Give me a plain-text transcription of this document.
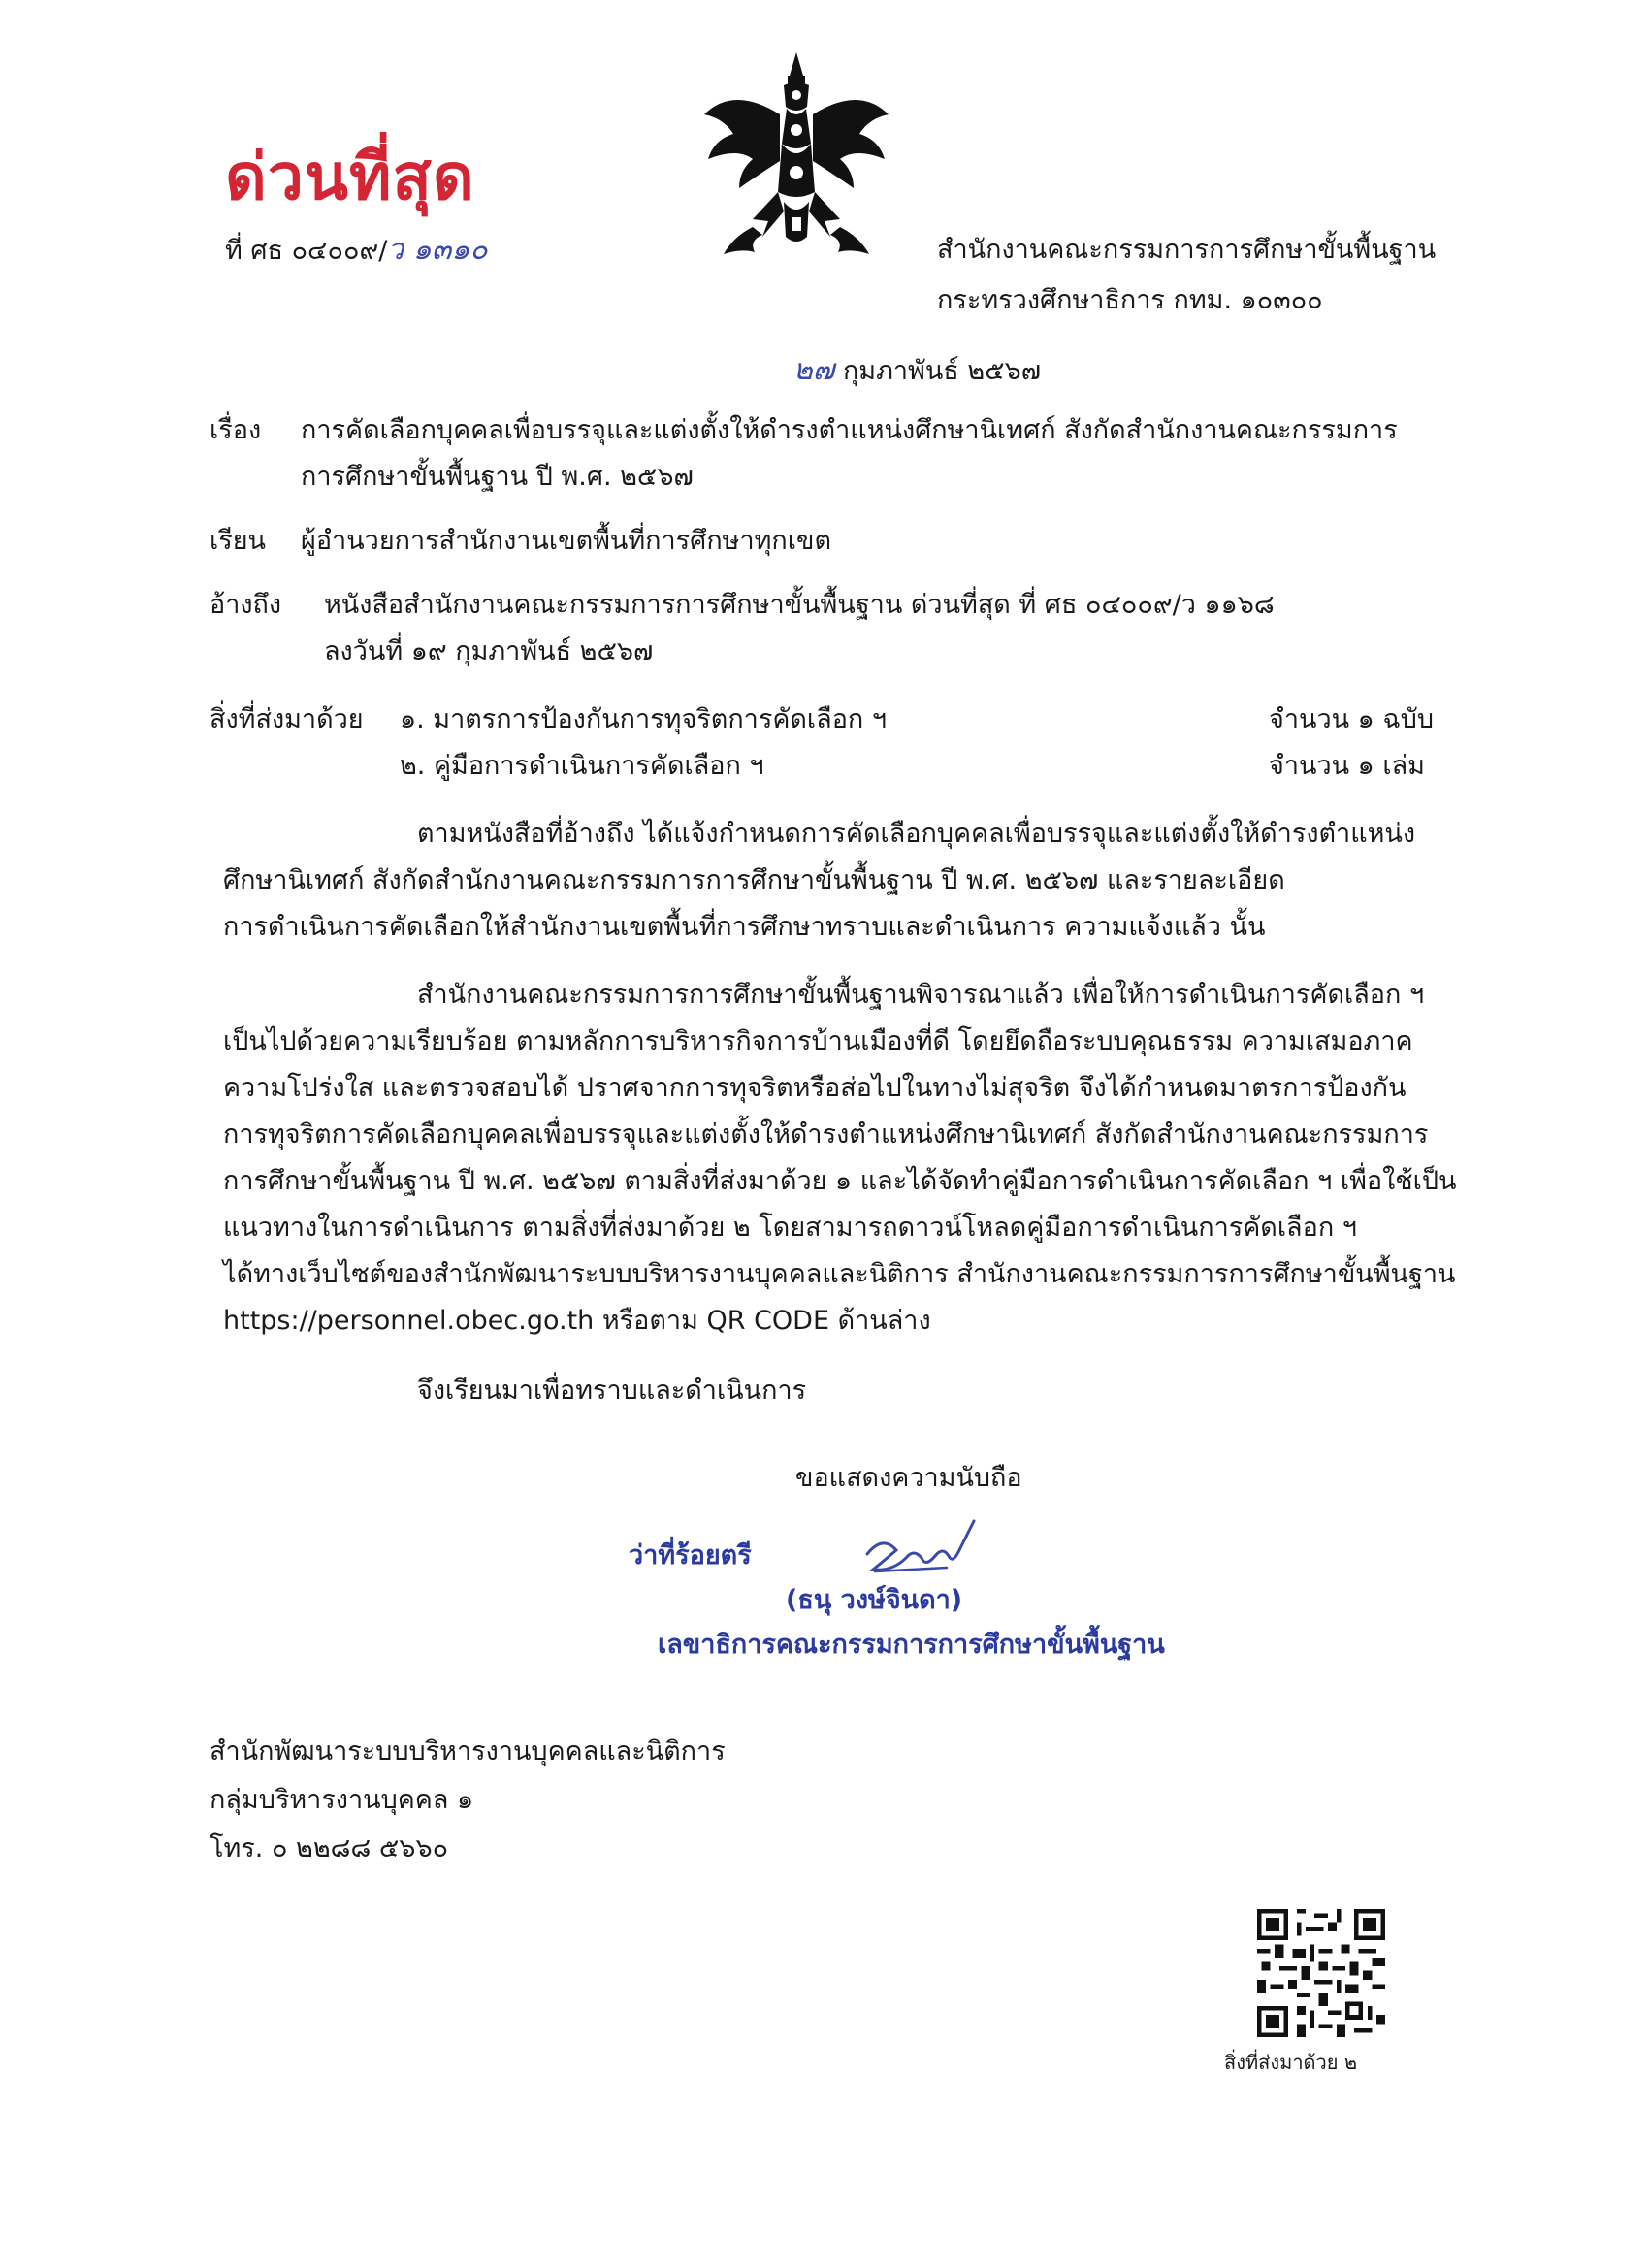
ด่วนที่สุด
ที่ ศธ ๐๔๐๐๙/ว ๑๓๑๐	สำนักงานคณะกรรมการการศึกษาขั้นพื้นฐาน
กระทรวงศึกษาธิการ กทม. ๑๐๓๐๐
๒๗ กุมภาพันธ์ ๒๕๖๗
เรื่อง การคัดเลือกบุคคลเพื่อบรรจุและแต่งตั้งให้ดำรงตำแหน่งศึกษานิเทศก์ สังกัดสำนักงานคณะกรรมการ
การศึกษาขั้นพื้นฐาน ปี พ.ศ. ๒๕๖๗
เรียน ผู้อำนวยการสำนักงานเขตพื้นที่การศึกษาทุกเขต
อ้างถึง หนังสือสำนักงานคณะกรรมการการศึกษาขั้นพื้นฐาน ด่วนที่สุด ที่ ศธ ๐๔๐๐๙/ว ๑๑๖๘
ลงวันที่ ๑๙ กุมภาพันธ์ ๒๕๖๗
สิ่งที่ส่งมาด้วย ๑. มาตรการป้องกันการทุจริตการคัดเลือก ฯ	จำนวน ๑ ฉบับ
๒. คู่มือการดำเนินการคัดเลือก ฯ	จำนวน ๑ เล่ม
ตามหนังสือที่อ้างถึง ได้แจ้งกำหนดการคัดเลือกบุคคลเพื่อบรรจุและแต่งตั้งให้ดำรงตำแหน่ง
ศึกษานิเทศก์ สังกัดสำนักงานคณะกรรมการการศึกษาขั้นพื้นฐาน ปี พ.ศ. ๒๕๖๗ และรายละเอียด
การดำเนินการคัดเลือกให้สำนักงานเขตพื้นที่การศึกษาทราบและดำเนินการ ความแจ้งแล้ว นั้น
สำนักงานคณะกรรมการการศึกษาขั้นพื้นฐานพิจารณาแล้ว เพื่อให้การดำเนินการคัดเลือก ฯ
เป็นไปด้วยความเรียบร้อย ตามหลักการบริหารกิจการบ้านเมืองที่ดี โดยยึดถือระบบคุณธรรม ความเสมอภาค
ความโปร่งใส และตรวจสอบได้ ปราศจากการทุจริตหรือส่อไปในทางไม่สุจริต จึงได้กำหนดมาตรการป้องกัน
การทุจริตการคัดเลือกบุคคลเพื่อบรรจุและแต่งตั้งให้ดำรงตำแหน่งศึกษานิเทศก์ สังกัดสำนักงานคณะกรรมการ
การศึกษาขั้นพื้นฐาน ปี พ.ศ. ๒๕๖๗ ตามสิ่งที่ส่งมาด้วย ๑ และได้จัดทำคู่มือการดำเนินการคัดเลือก ฯ เพื่อใช้เป็น
แนวทางในการดำเนินการ ตามสิ่งที่ส่งมาด้วย ๒ โดยสามารถดาวน์โหลดคู่มือการดำเนินการคัดเลือก ฯ
ได้ทางเว็บไซต์ของสำนักพัฒนาระบบบริหารงานบุคคลและนิติการ สำนักงานคณะกรรมการการศึกษาขั้นพื้นฐาน
https://personnel.obec.go.th หรือตาม QR CODE ด้านล่าง
จึงเรียนมาเพื่อทราบและดำเนินการ
ขอแสดงความนับถือ
ว่าที่ร้อยตรี
(ธนุ วงษ์จินดา)
เลขาธิการคณะกรรมการการศึกษาขั้นพื้นฐาน
สำนักพัฒนาระบบบริหารงานบุคคลและนิติการ
กลุ่มบริหารงานบุคคล ๑
โทร. ๐ ๒๒๘๘ ๕๖๖๐
สิ่งที่ส่งมาด้วย ๒
